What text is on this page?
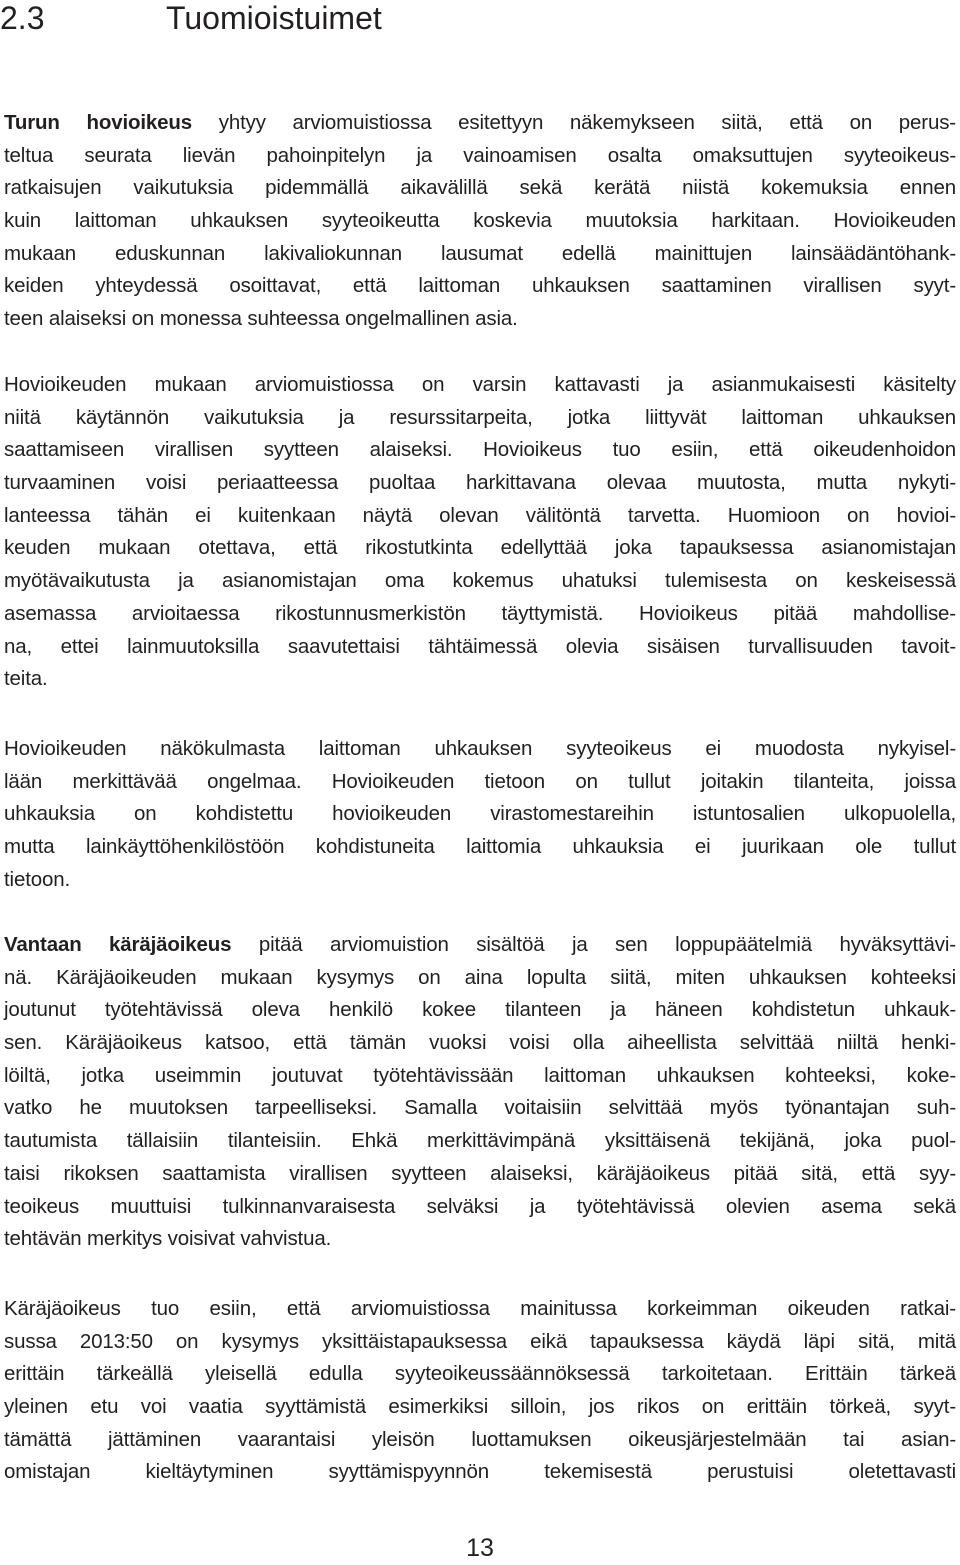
2.3	Tuomioistuimet
Turun hovioikeus yhtyy arviomuistiossa esitettyyn näkemykseen siitä, että on perus-
teltua seurata lievän pahoinpitelyn ja vainoamisen osalta omaksuttujen syyteoikeus-
ratkaisujen vaikutuksia pidemmällä aikavälillä sekä kerätä niistä kokemuksia ennen
kuin laittoman uhkauksen syyteoikeutta koskevia muutoksia harkitaan. Hovioikeuden
mukaan eduskunnan lakivaliokunnan lausumat edellä mainittujen lainsäädäntöhank-
keiden yhteydessä osoittavat, että laittoman uhkauksen saattaminen virallisen syyt-
teen alaiseksi on monessa suhteessa ongelmallinen asia.
Hovioikeuden mukaan arviomuistiossa on varsin kattavasti ja asianmukaisesti käsitelty
niitä käytännön vaikutuksia ja resurssitarpeita, jotka liittyvät laittoman uhkauksen
saattamiseen virallisen syytteen alaiseksi. Hovioikeus tuo esiin, että oikeudenhoidon
turvaaminen voisi periaatteessa puoltaa harkittavana olevaa muutosta, mutta nykyti-
lanteessa tähän ei kuitenkaan näytä olevan välitöntä tarvetta. Huomioon on hovioi-
keuden mukaan otettava, että rikostutkinta edellyttää joka tapauksessa asianomistajan
myötävaikutusta ja asianomistajan oma kokemus uhatuksi tulemisesta on keskeisessä
asemassa arvioitaessa rikostunnusmerkistön täyttymistä. Hovioikeus pitää mahdollise-
na, ettei lainmuutoksilla saavutettaisi tähtäimessä olevia sisäisen turvallisuuden tavoit-
teita.
Hovioikeuden näkökulmasta laittoman uhkauksen syyteoikeus ei muodosta nykyisel-
lään merkittävää ongelmaa. Hovioikeuden tietoon on tullut joitakin tilanteita, joissa
uhkauksia on kohdistettu hovioikeuden virastomestareihin istuntosalien ulkopuolella,
mutta lainkäyttöhenkilöstöön kohdistuneita laittomia uhkauksia ei juurikaan ole tullut
tietoon.
Vantaan käräjäoikeus pitää arviomuistion sisältöä ja sen loppupäätelmiä hyväksyttävi-
nä. Käräjäoikeuden mukaan kysymys on aina lopulta siitä, miten uhkauksen kohteeksi
joutunut työtehtävissä oleva henkilö kokee tilanteen ja häneen kohdistetun uhkauk-
sen. Käräjäoikeus katsoo, että tämän vuoksi voisi olla aiheellista selvittää niiltä henki-
löiltä, jotka useimmin joutuvat työtehtävissään laittoman uhkauksen kohteeksi, koke-
vatko he muutoksen tarpeelliseksi. Samalla voitaisiin selvittää myös työnantajan suh-
tautumista tällaisiin tilanteisiin. Ehkä merkittävimpänä yksittäisenä tekijänä, joka puol-
taisi rikoksen saattamista virallisen syytteen alaiseksi, käräjäoikeus pitää sitä, että syy-
teoikeus muuttuisi tulkinnanvaraisesta selväksi ja työtehtävissä olevien asema sekä
tehtävän merkitys voisivat vahvistua.
Käräjäoikeus tuo esiin, että arviomuistiossa mainitussa korkeimman oikeuden ratkai-
sussa 2013:50 on kysymys yksittäistapauksessa eikä tapauksessa käydä läpi sitä, mitä
erittäin tärkeällä yleisellä edulla syyteoikeussäännöksessä tarkoitetaan. Erittäin tärkeä
yleinen etu voi vaatia syyttämistä esimerkiksi silloin, jos rikos on erittäin törkeä, syyt-
tämättä jättäminen vaarantaisi yleisön luottamuksen oikeusjärjestelmään tai asian-
omistajan kieltäytyminen syyttämispyynnön tekemisestä perustuisi oletettavasti
13
